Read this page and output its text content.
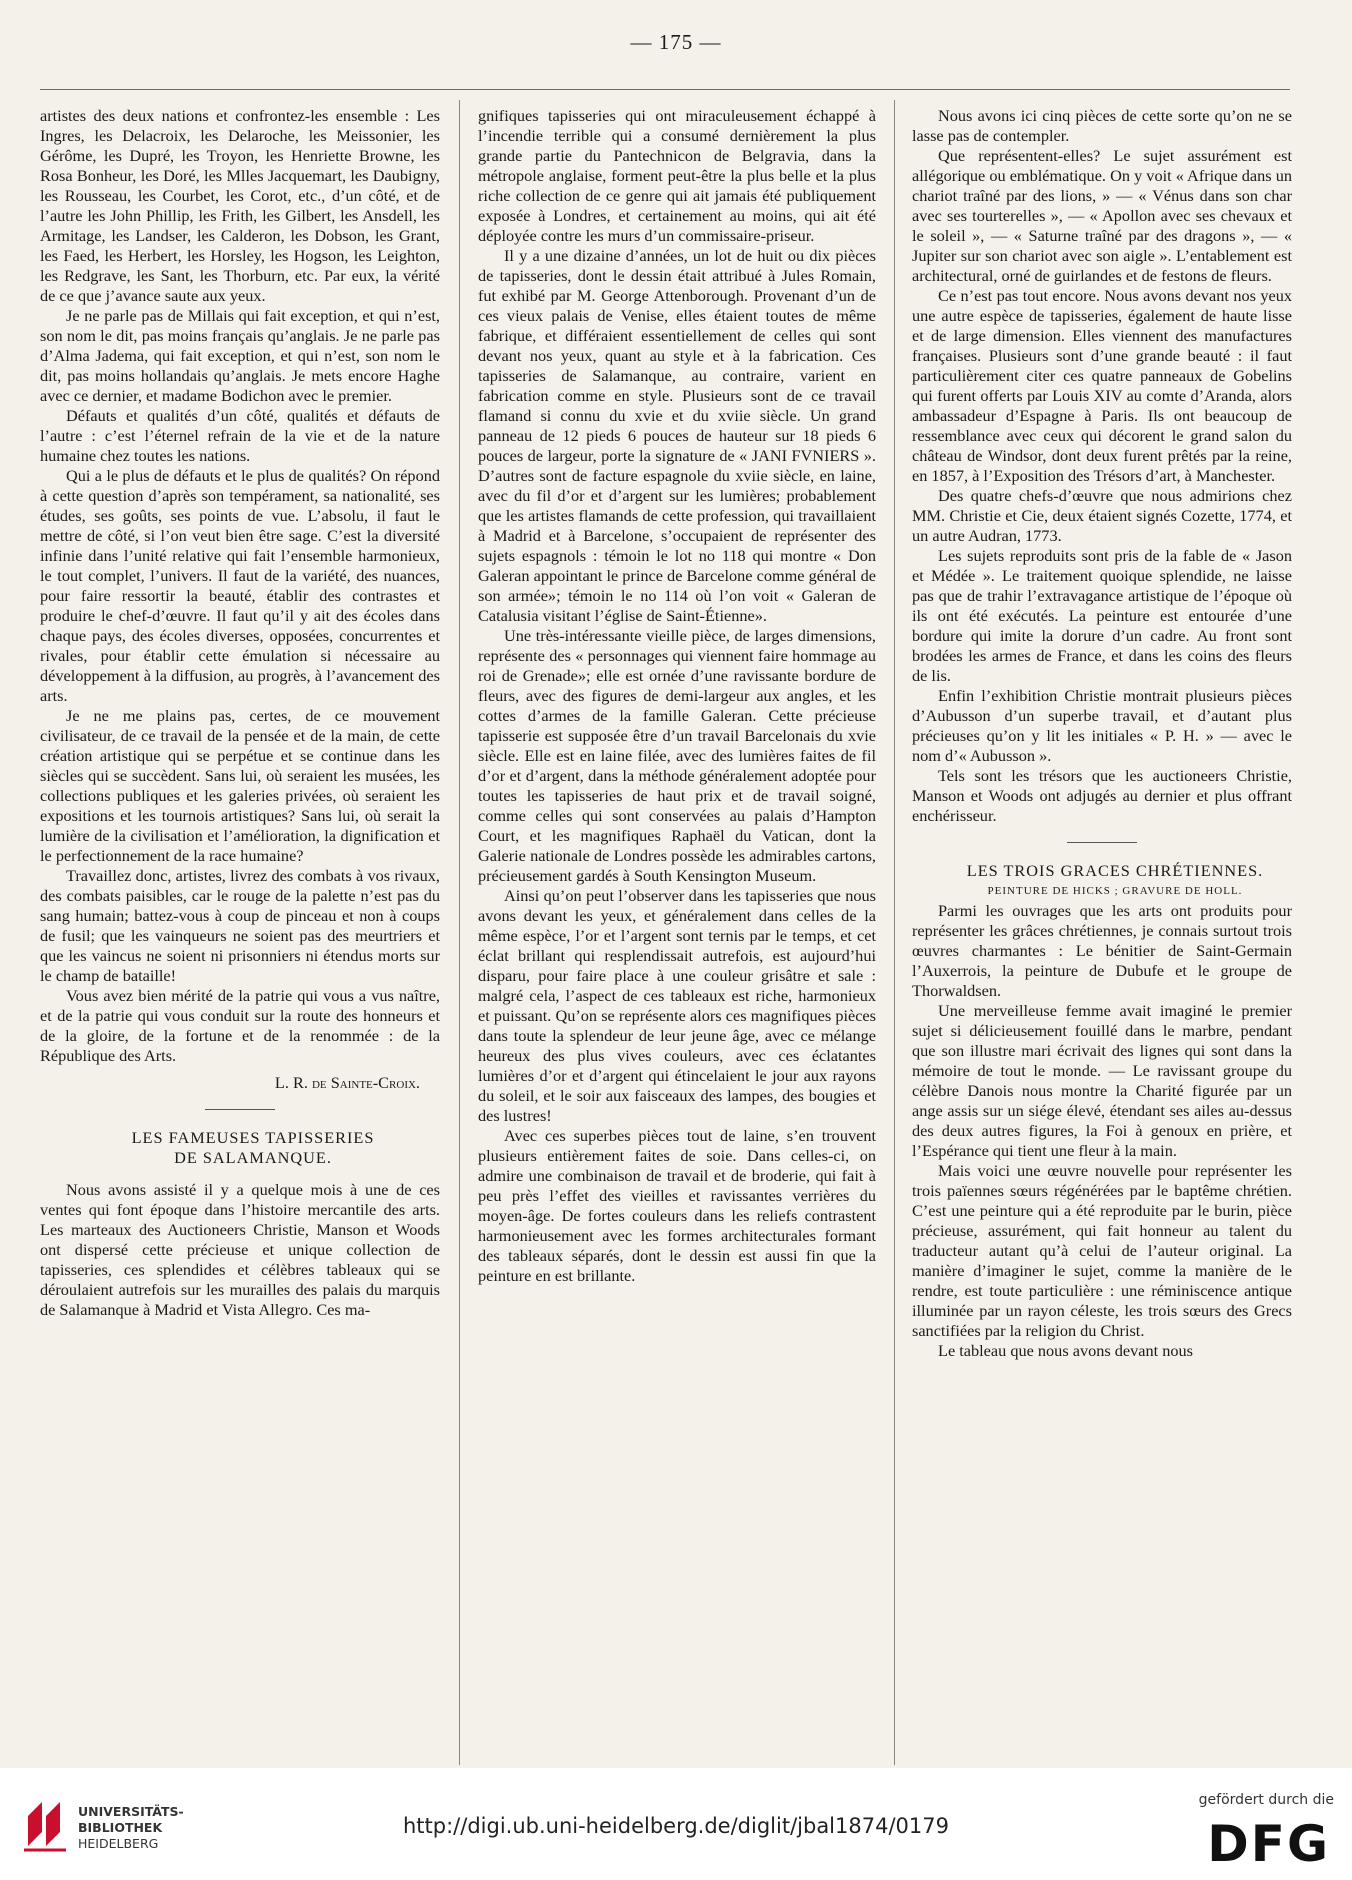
— 175 —

artistes des deux nations et confrontez-les ensemble : Les Ingres, les Delacroix, les Delaroche, les Meissonier, les Gérôme, les Dupré, les Troyon, les Henriette Browne, les Rosa Bonheur, les Doré, les Mlles Jacquemart, les Daubigny, les Rousseau, les Courbet, les Corot, etc., d’un côté, et de l’autre les John Phillip, les Frith, les Gilbert, les Ansdell, les Armitage, les Landser, les Calderon, les Dobson, les Grant, les Faed, les Herbert, les Horsley, les Hogson, les Leighton, les Redgrave, les Sant, les Thorburn, etc. Par eux, la vérité de ce que j’avance saute aux yeux.

Je ne parle pas de Millais qui fait exception, et qui n’est, son nom le dit, pas moins français qu’anglais. Je ne parle pas d’Alma Jadema, qui fait exception, et qui n’est, son nom le dit, pas moins hollandais qu’anglais. Je mets encore Haghe avec ce dernier, et madame Bodichon avec le premier.

Défauts et qualités d’un côté, qualités et défauts de l’autre : c’est l’éternel refrain de la vie et de la nature humaine chez toutes les nations.

Qui a le plus de défauts et le plus de qualités? On répond à cette question d’après son tempérament, sa nationalité, ses études, ses goûts, ses points de vue. L’absolu, il faut le mettre de côté, si l’on veut bien être sage. C’est la diversité infinie dans l’unité relative qui fait l’ensemble harmonieux, le tout complet, l’univers. Il faut de la variété, des nuances, pour faire ressortir la beauté, établir des contrastes et produire le chef-d’œuvre. Il faut qu’il y ait des écoles dans chaque pays, des écoles diverses, opposées, concurrentes et rivales, pour établir cette émulation si nécessaire au développement à la diffusion, au progrès, à l’avancement des arts.

Je ne me plains pas, certes, de ce mouvement civilisateur, de ce travail de la pensée et de la main, de cette création artistique qui se perpétue et se continue dans les siècles qui se succèdent. Sans lui, où seraient les musées, les collections publiques et les galeries privées, où seraient les expositions et les tournois artistiques? Sans lui, où serait la lumière de la civilisation et l’amélioration, la dignification et le perfectionnement de la race humaine?

Travaillez donc, artistes, livrez des combats à vos rivaux, des combats paisibles, car le rouge de la palette n’est pas du sang humain; battez-vous à coup de pinceau et non à coups de fusil; que les vainqueurs ne soient pas des meurtriers et que les vaincus ne soient ni prisonniers ni étendus morts sur le champ de bataille!

Vous avez bien mérité de la patrie qui vous a vus naître, et de la patrie qui vous conduit sur la route des honneurs et de la gloire, de la fortune et de la renommée : de la République des Arts.

L. R. de Sainte-Croix.

LES FAMEUSES TAPISSERIES

DE SALAMANQUE.

Nous avons assisté il y a quelque mois à une de ces ventes qui font époque dans l’histoire mercantile des arts. Les marteaux des Auctioneers Christie, Manson et Woods ont dispersé cette précieuse et unique collection de tapisseries, ces splendides et célèbres tableaux qui se déroulaient autrefois sur les murailles des palais du marquis de Salamanque à Madrid et Vista Allegro. Ces ma-

gnifiques tapisseries qui ont miraculeusement échappé à l’incendie terrible qui a consumé dernièrement la plus grande partie du Pantechnicon de Belgravia, dans la métropole anglaise, forment peut-être la plus belle et la plus riche collection de ce genre qui ait jamais été publiquement exposée à Londres, et certainement au moins, qui ait été déployée contre les murs d’un commissaire-priseur.

Il y a une dizaine d’années, un lot de huit ou dix pièces de tapisseries, dont le dessin était attribué à Jules Romain, fut exhibé par M. George Attenborough. Provenant d’un de ces vieux palais de Venise, elles étaient toutes de même fabrique, et différaient essentiellement de celles qui sont devant nos yeux, quant au style et à la fabrication. Ces tapisseries de Salamanque, au contraire, varient en fabrication comme en style. Plusieurs sont de ce travail flamand si connu du xvie et du xviie siècle. Un grand panneau de 12 pieds 6 pouces de hauteur sur 18 pieds 6 pouces de largeur, porte la signature de « JANI FVNIERS ». D’autres sont de facture espagnole du xviie siècle, en laine, avec du fil d’or et d’argent sur les lumières; probablement que les artistes flamands de cette profession, qui travaillaient à Madrid et à Barcelone, s’occupaient de représenter des sujets espagnols : témoin le lot no 118 qui montre « Don Galeran appointant le prince de Barcelone comme général de son armée»; témoin le no 114 où l’on voit « Galeran de Catalusia visitant l’église de Saint-Étienne».

Une très-intéressante vieille pièce, de larges dimensions, représente des « personnages qui viennent faire hommage au roi de Grenade»; elle est ornée d’une ravissante bordure de fleurs, avec des figures de demi-largeur aux angles, et les cottes d’armes de la famille Galeran. Cette précieuse tapisserie est supposée être d’un travail Barcelonais du xvie siècle. Elle est en laine filée, avec des lumières faites de fil d’or et d’argent, dans la méthode généralement adoptée pour toutes les tapisseries de haut prix et de travail soigné, comme celles qui sont conservées au palais d’Hampton Court, et les magnifiques Raphaël du Vatican, dont la Galerie nationale de Londres possède les admirables cartons, précieusement gardés à South Kensington Museum.

Ainsi qu’on peut l’observer dans les tapisseries que nous avons devant les yeux, et généralement dans celles de la même espèce, l’or et l’argent sont ternis par le temps, et cet éclat brillant qui resplendissait autrefois, est aujourd’hui disparu, pour faire place à une couleur grisâtre et sale : malgré cela, l’aspect de ces tableaux est riche, harmonieux et puissant. Qu’on se représente alors ces magnifiques pièces dans toute la splendeur de leur jeune âge, avec ce mélange heureux des plus vives couleurs, avec ces éclatantes lumières d’or et d’argent qui étincelaient le jour aux rayons du soleil, et le soir aux faisceaux des lampes, des bougies et des lustres!

Avec ces superbes pièces tout de laine, s’en trouvent plusieurs entièrement faites de soie. Dans celles-ci, on admire une combinaison de travail et de broderie, qui fait à peu près l’effet des vieilles et ravissantes verrières du moyen-âge. De fortes couleurs dans les reliefs contrastent harmonieusement avec les formes architecturales formant des tableaux séparés, dont le dessin est aussi fin que la peinture en est brillante.

Nous avons ici cinq pièces de cette sorte qu’on ne se lasse pas de contempler.

Que représentent-elles? Le sujet assurément est allégorique ou emblématique. On y voit « Afrique dans un chariot traîné par des lions, » — « Vénus dans son char avec ses tourterelles », — « Apollon avec ses chevaux et le soleil », — « Saturne traîné par des dragons », — « Jupiter sur son chariot avec son aigle ». L’entablement est architectural, orné de guirlandes et de festons de fleurs.

Ce n’est pas tout encore. Nous avons devant nos yeux une autre espèce de tapisseries, également de haute lisse et de large dimension. Elles viennent des manufactures françaises. Plusieurs sont d’une grande beauté : il faut particulièrement citer ces quatre panneaux de Gobelins qui furent offerts par Louis XIV au comte d’Aranda, alors ambassadeur d’Espagne à Paris. Ils ont beaucoup de ressemblance avec ceux qui décorent le grand salon du château de Windsor, dont deux furent prêtés par la reine, en 1857, à l’Exposition des Trésors d’art, à Manchester.

Des quatre chefs-d’œuvre que nous admirions chez MM. Christie et Cie, deux étaient signés Cozette, 1774, et un autre Audran, 1773.

Les sujets reproduits sont pris de la fable de « Jason et Médée ». Le traitement quoique splendide, ne laisse pas que de trahir l’extravagance artistique de l’époque où ils ont été exécutés. La peinture est entourée d’une bordure qui imite la dorure d’un cadre. Au front sont brodées les armes de France, et dans les coins des fleurs de lis.

Enfin l’exhibition Christie montrait plusieurs pièces d’Aubusson d’un superbe travail, et d’autant plus précieuses qu’on y lit les initiales « P. H. » — avec le nom d’« Aubusson ».

Tels sont les trésors que les auctioneers Christie, Manson et Woods ont adjugés au dernier et plus offrant enchérisseur.

LES TROIS GRACES CHRÉTIENNES.

PEINTURE DE HICKS ; GRAVURE DE HOLL.

Parmi les ouvrages que les arts ont produits pour représenter les grâces chrétiennes, je connais surtout trois œuvres charmantes : Le bénitier de Saint-Germain l’Auxerrois, la peinture de Dubufe et le groupe de Thorwaldsen.

Une merveilleuse femme avait imaginé le premier sujet si délicieusement fouillé dans le marbre, pendant que son illustre mari écrivait des lignes qui sont dans la mémoire de tout le monde. — Le ravissant groupe du célèbre Danois nous montre la Charité figurée par un ange assis sur un siége élevé, étendant ses ailes au-dessus des deux autres figures, la Foi à genoux en prière, et l’Espérance qui tient une fleur à la main.

Mais voici une œuvre nouvelle pour représenter les trois païennes sœurs régénérées par le baptême chrétien. C’est une peinture qui a été reproduite par le burin, pièce précieuse, assurément, qui fait honneur au talent du traducteur autant qu’à celui de l’auteur original. La manière d’imaginer le sujet, comme la manière de le rendre, est toute particulière : une réminiscence antique illuminée par un rayon céleste, les trois sœurs des Grecs sanctifiées par la religion du Christ.

Le tableau que nous avons devant nous

UNIVERSITÄTS-
BIBLIOTHEK
HEIDELBERG
http://digi.ub.uni-heidelberg.de/diglit/jbal1874/0179
gefördert durch die
DFG
